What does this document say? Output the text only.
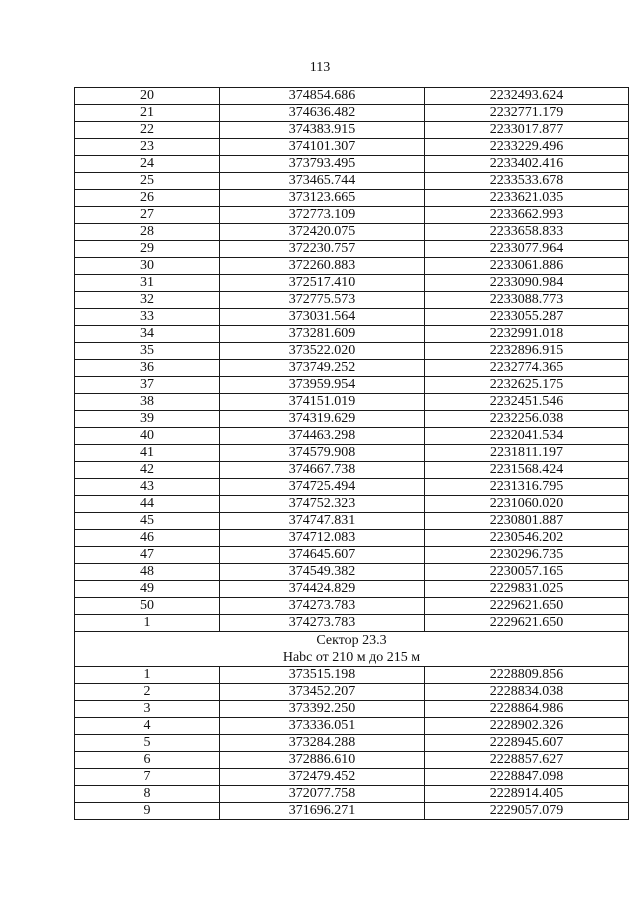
113
20	374854.686	2232493.624
21	374636.482	2232771.179
22	374383.915	2233017.877
23	374101.307	2233229.496
24	373793.495	2233402.416
25	373465.744	2233533.678
26	373123.665	2233621.035
27	372773.109	2233662.993
28	372420.075	2233658.833
29	372230.757	2233077.964
30	372260.883	2233061.886
31	372517.410	2233090.984
32	372775.573	2233088.773
33	373031.564	2233055.287
34	373281.609	2232991.018
35	373522.020	2232896.915
36	373749.252	2232774.365
37	373959.954	2232625.175
38	374151.019	2232451.546
39	374319.629	2232256.038
40	374463.298	2232041.534
41	374579.908	2231811.197
42	374667.738	2231568.424
43	374725.494	2231316.795
44	374752.323	2231060.020
45	374747.831	2230801.887
46	374712.083	2230546.202
47	374645.607	2230296.735
48	374549.382	2230057.165
49	374424.829	2229831.025
50	374273.783	2229621.650
1	374273.783	2229621.650

Сектор 23.3
Нabc от 210 м до 215 м		

1	373515.198	2228809.856
2	373452.207	2228834.038
3	373392.250	2228864.986
4	373336.051	2228902.326
5	373284.288	2228945.607
6	372886.610	2228857.627
7	372479.452	2228847.098
8	372077.758	2228914.405
9	371696.271	2229057.079
